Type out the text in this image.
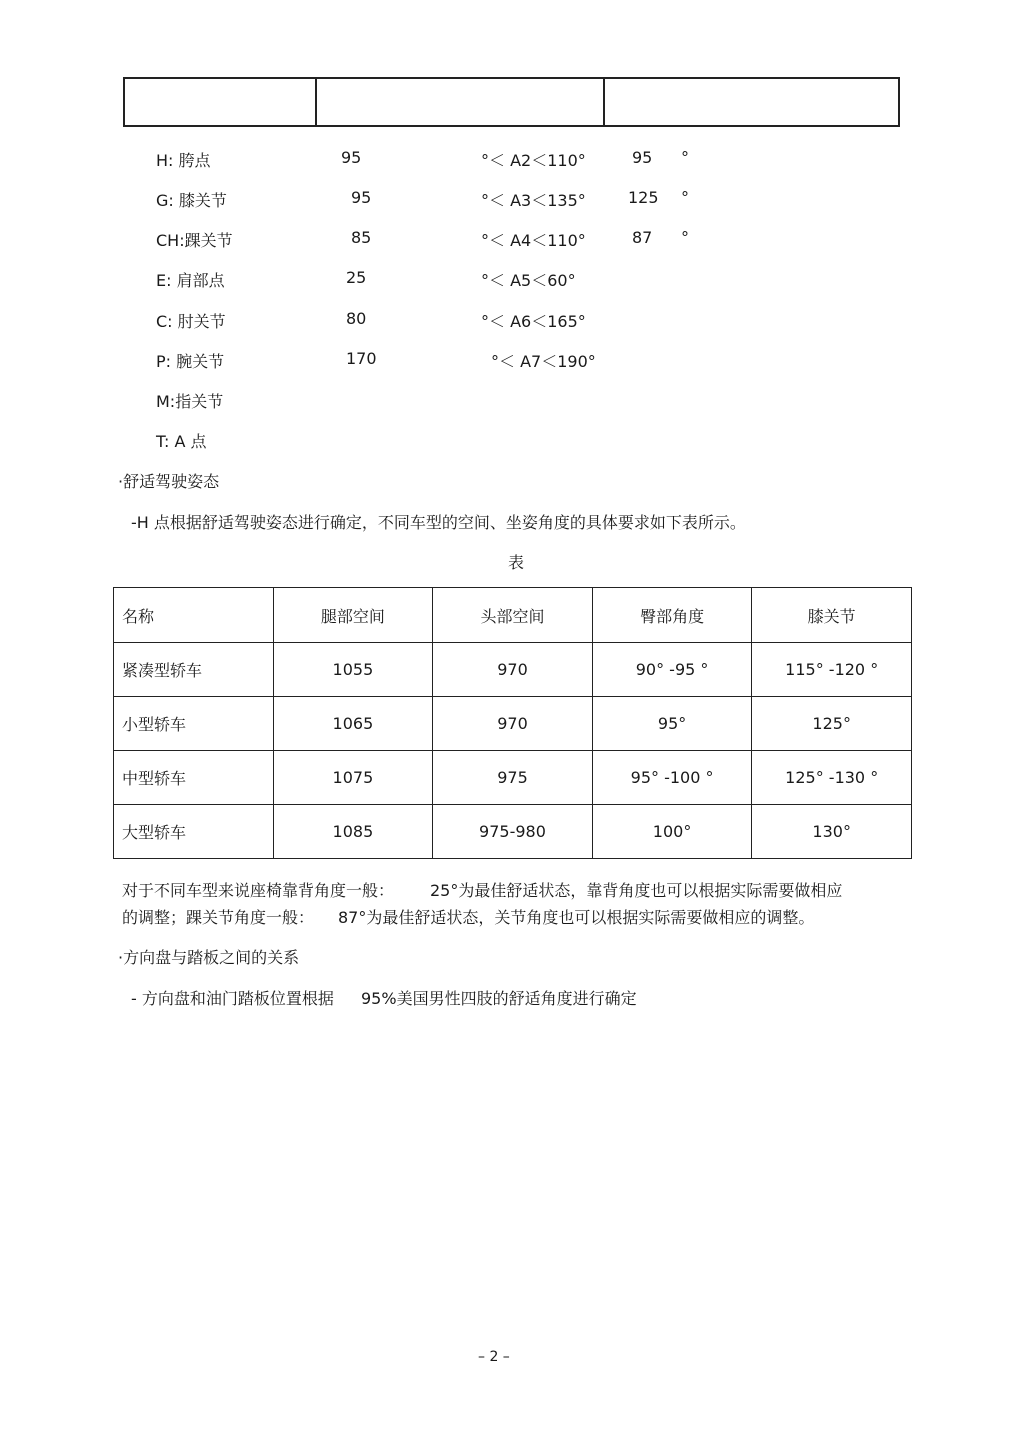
H: 胯点	95	°＜ A2＜110°	95 °
G: 膝关节	95	°＜ A3＜135°	125 °
CH:踝关节	85	°＜ A4＜110°	87 °
E: 肩部点	25	°＜ A5＜60°
C: 肘关节	80	°＜ A6＜165°
P: 腕关节	170	°＜ A7＜190°
M:指关节
T: A 点
·舒适驾驶姿态
-H 点根据舒适驾驶姿态进行确定，不同车型的空间、坐姿角度的具体要求如下表所示。
表
名称	腿部空间	头部空间	臀部角度	膝关节
紧凑型轿车	1055	970	90° -95 °	115° -120 °
小型轿车	1065	970	95°	125°
中型轿车	1075	975	95° -100 °	125° -130 °
大型轿车	1085	975-980	100°	130°
对于不同车型来说座椅靠背角度一般： 25°为最佳舒适状态，靠背角度也可以根据实际需要做相应
的调整；踝关节角度一般： 87°为最佳舒适状态，关节角度也可以根据实际需要做相应的调整。
·方向盘与踏板之间的关系
- 方向盘和油门踏板位置根据 95%美国男性四肢的舒适角度进行确定
– 2 –
